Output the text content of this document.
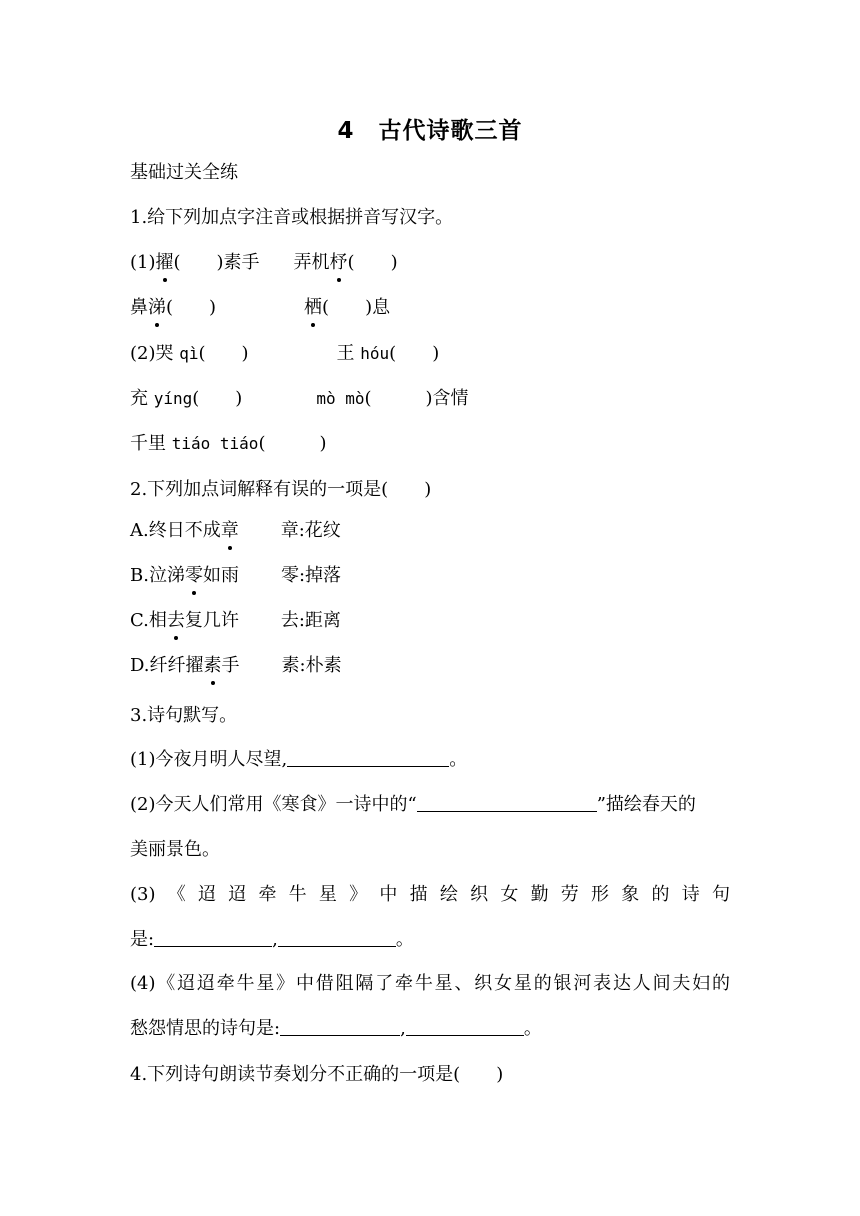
4　古代诗歌三首
基础过关全练
1.给下列加点字注音或根据拼音写汉字。
(1)擢(　　)素手 弄机杼(　　)
鼻涕(　　)	栖(　　)息
(2)哭 qì(　　)	王 hóu(　　)
充 yíng(　　)	mò mò(　　　)含情
千里 tiáo tiáo(　　　)
2.下列加点词解释有误的一项是(　　)
A.终日不成章 章:花纹
B.泣涕零如雨 零:掉落
C.相去复几许 去:距离
D.纤纤擢素手 素:朴素
3.诗句默写。
(1)今夜月明人尽望,	。
(2)今天人们常用《寒食》一诗中的“	”描绘春天的
美丽景色。
(3)《迢迢牵牛星》中描绘织女勤劳形象的诗句
是:	,	。
(4)《迢迢牵牛星》中借阻隔了牵牛星、织女星的银河表达人间夫妇的
愁怨情思的诗句是:	,	。
4.下列诗句朗读节奏划分不正确的一项是(　　)
